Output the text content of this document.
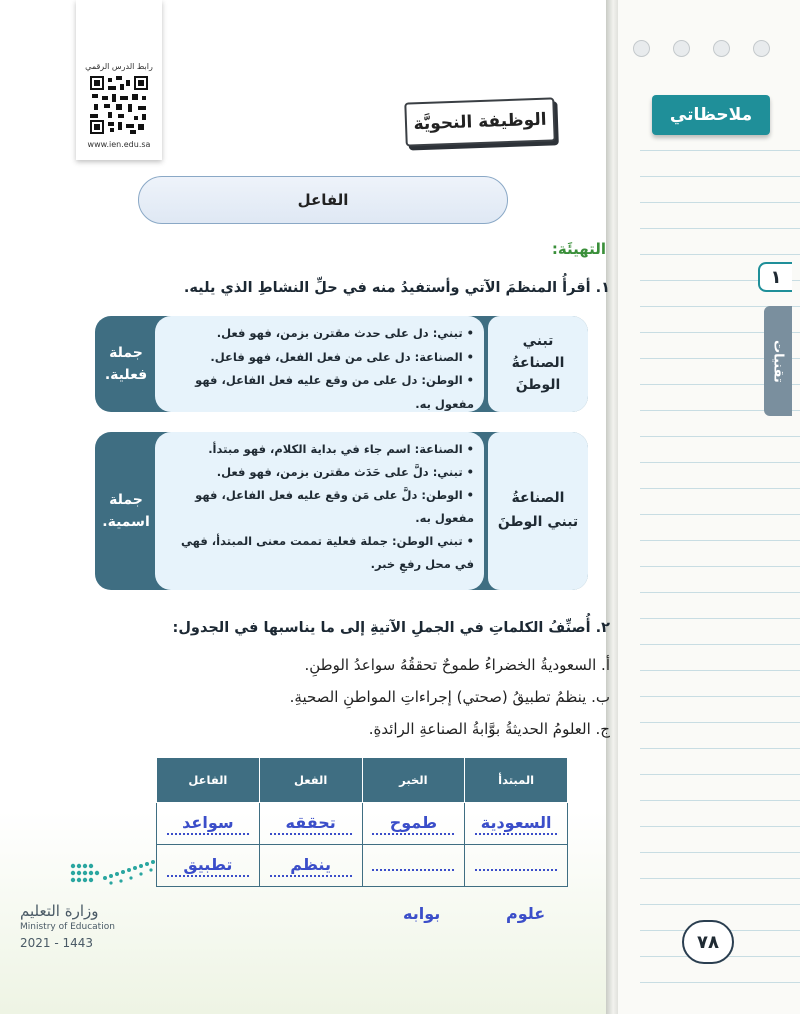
ملاحظاتي
١
تقنيات
رابط الدرس الرقمي
www.ien.edu.sa
الوظيفة النحويَّة
الفاعل
التهيئَة:
١. أقرأُ المنظمَ الآتي وأستفيدُ منه في حلِّ النشاطِ الذي يليه.
تبني
الصناعةُ
الوطنَ
• تبني: دل على حدث مقترن بزمن، فهو فعل.
• الصناعة: دل على من فعل الفعل، فهو فاعل.
• الوطن: دل على من وقع عليه فعل الفاعل، فهو مفعول به.
جملة
فعلية.
الصناعةُ
تبني الوطنَ
• الصناعة: اسم جاء في بداية الكلام، فهو مبتدأ.
• تبني: دلَّ على حَدَث مقترن بزمن، فهو فعل.
• الوطن: دلَّ على مَن وقع عليه فعل الفاعل، فهو مفعول به.
• تبني الوطن: جملة فعلية تممت معنى المبتدأ، فهي في محل رفعِ خبر.
جملة
اسمية.
٢. أُصنِّفُ الكلماتِ في الجملِ الآتيةِ إلى ما يناسبها في الجدول:
أ. السعوديةُ الخضراءُ طموحٌ تحققُهُ سواعدُ الوطنِ.
ب. ينظمُ تطبيقُ (صحتي) إجراءاتِ المواطنِ الصحيةِ.
ج. العلومُ الحديثةُ بوَّابةُ الصناعةِ الرائدةِ.
المبتدأ	الخبر	الفعل	الفاعل
السعودية	طموح	تحققه	سواعد
		ينظم	تطبيق
علوم
بوابه
وزارة التعليم
Ministry of Education
2021 - 1443	٧٨
